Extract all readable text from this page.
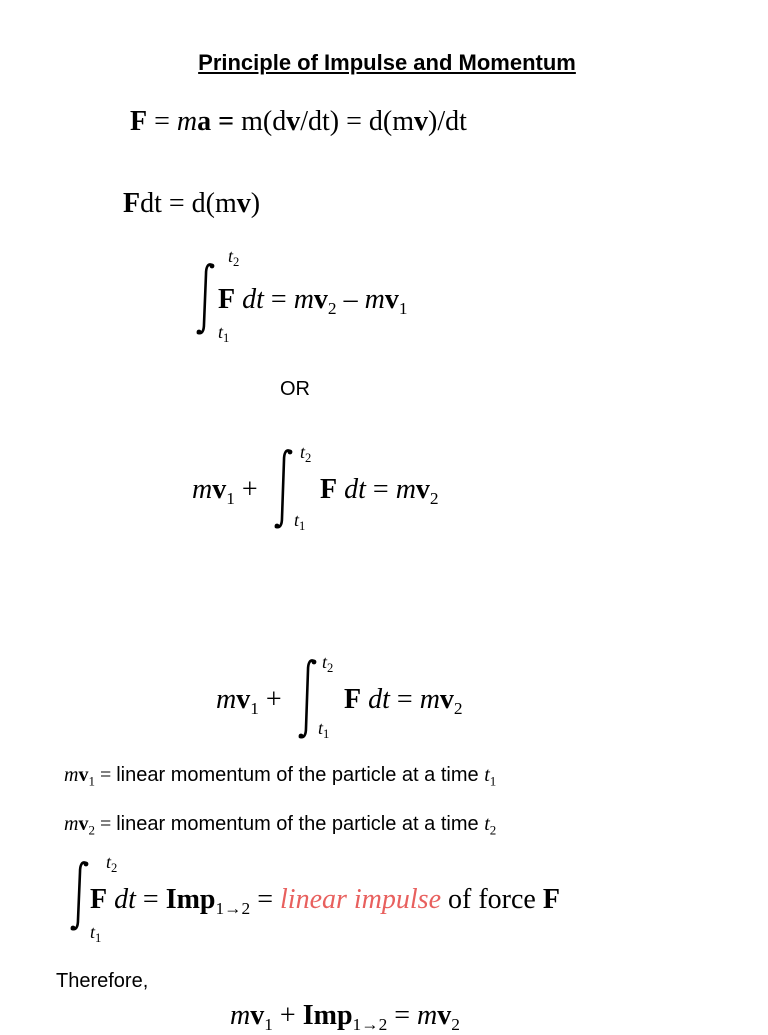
Principle of Impulse and Momentum
F = ma = m(dv/dt) = d(mv)/dt
Fdt = d(mv)
$t_2$
$t_1$
F dt = $mv_2 - mv_1$
OR
$mv_1$ +
$t_2$
$t_1$
F dt = $mv_2$
$mv_1$ +
$t_2$
$t_1$
F dt = $mv_2$
$mv_1$ = linear momentum of the particle at a time $t_1$
$mv_2$ = linear momentum of the particle at a time $t_2$
$t_2$
$t_1$
F dt = Imp$_{1\to 2}$ = linear impulse of force F
Therefore,
$mv_1 + Imp_{1\to 2} = mv_2$
